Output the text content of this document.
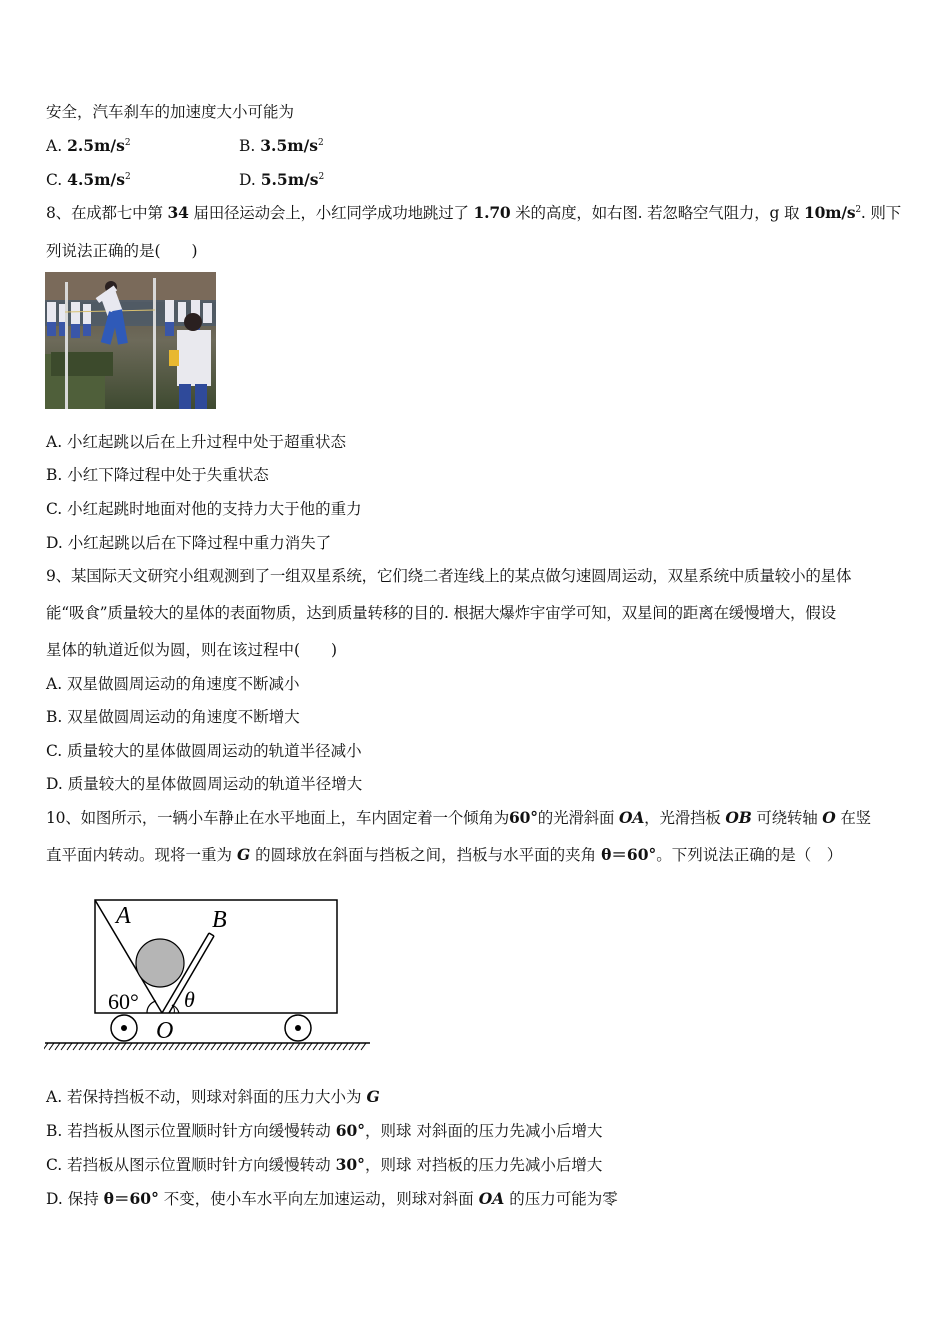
安全，汽车刹车的加速度大小可能为
A. $2.5m/s^2$	B. $3.5m/s^2$
C. $4.5m/s^2$	D. $5.5m/s^2$
8、在成都七中第 34 届田径运动会上，小红同学成功地跳过了 1.70 米的高度，如右图. 若忽略空气阻力，g 取 $10m/s^2$. 则下
列说法正确的是(　　)
A. 小红起跳以后在上升过程中处于超重状态
B. 小红下降过程中处于失重状态
C. 小红起跳时地面对他的支持力大于他的重力
D. 小红起跳以后在下降过程中重力消失了
9、某国际天文研究小组观测到了一组双星系统，它们绕二者连线上的某点做匀速圆周运动，双星系统中质量较小的星体
能“吸食”质量较大的星体的表面物质，达到质量转移的目的. 根据大爆炸宇宙学可知，双星间的距离在缓慢增大，假设
星体的轨道近似为圆，则在该过程中(　　)
A. 双星做圆周运动的角速度不断减小
B. 双星做圆周运动的角速度不断增大
C. 质量较大的星体做圆周运动的轨道半径减小
D. 质量较大的星体做圆周运动的轨道半径增大
10、如图所示，一辆小车静止在水平地面上，车内固定着一个倾角为60°的光滑斜面 OA，光滑挡板 OB 可绕转轴 O 在竖
直平面内转动。现将一重为 G 的圆球放在斜面与挡板之间，挡板与水平面的夹角 θ＝60°。下列说法正确的是（　）
A	B
60° θ
O
A. 若保持挡板不动，则球对斜面的压力大小为 G
B. 若挡板从图示位置顺时针方向缓慢转动 60°，则球 对斜面的压力先减小后增大
C. 若挡板从图示位置顺时针方向缓慢转动 30°，则球 对挡板的压力先减小后增大
D. 保持 θ＝60° 不变，使小车水平向左加速运动，则球对斜面 OA 的压力可能为零
